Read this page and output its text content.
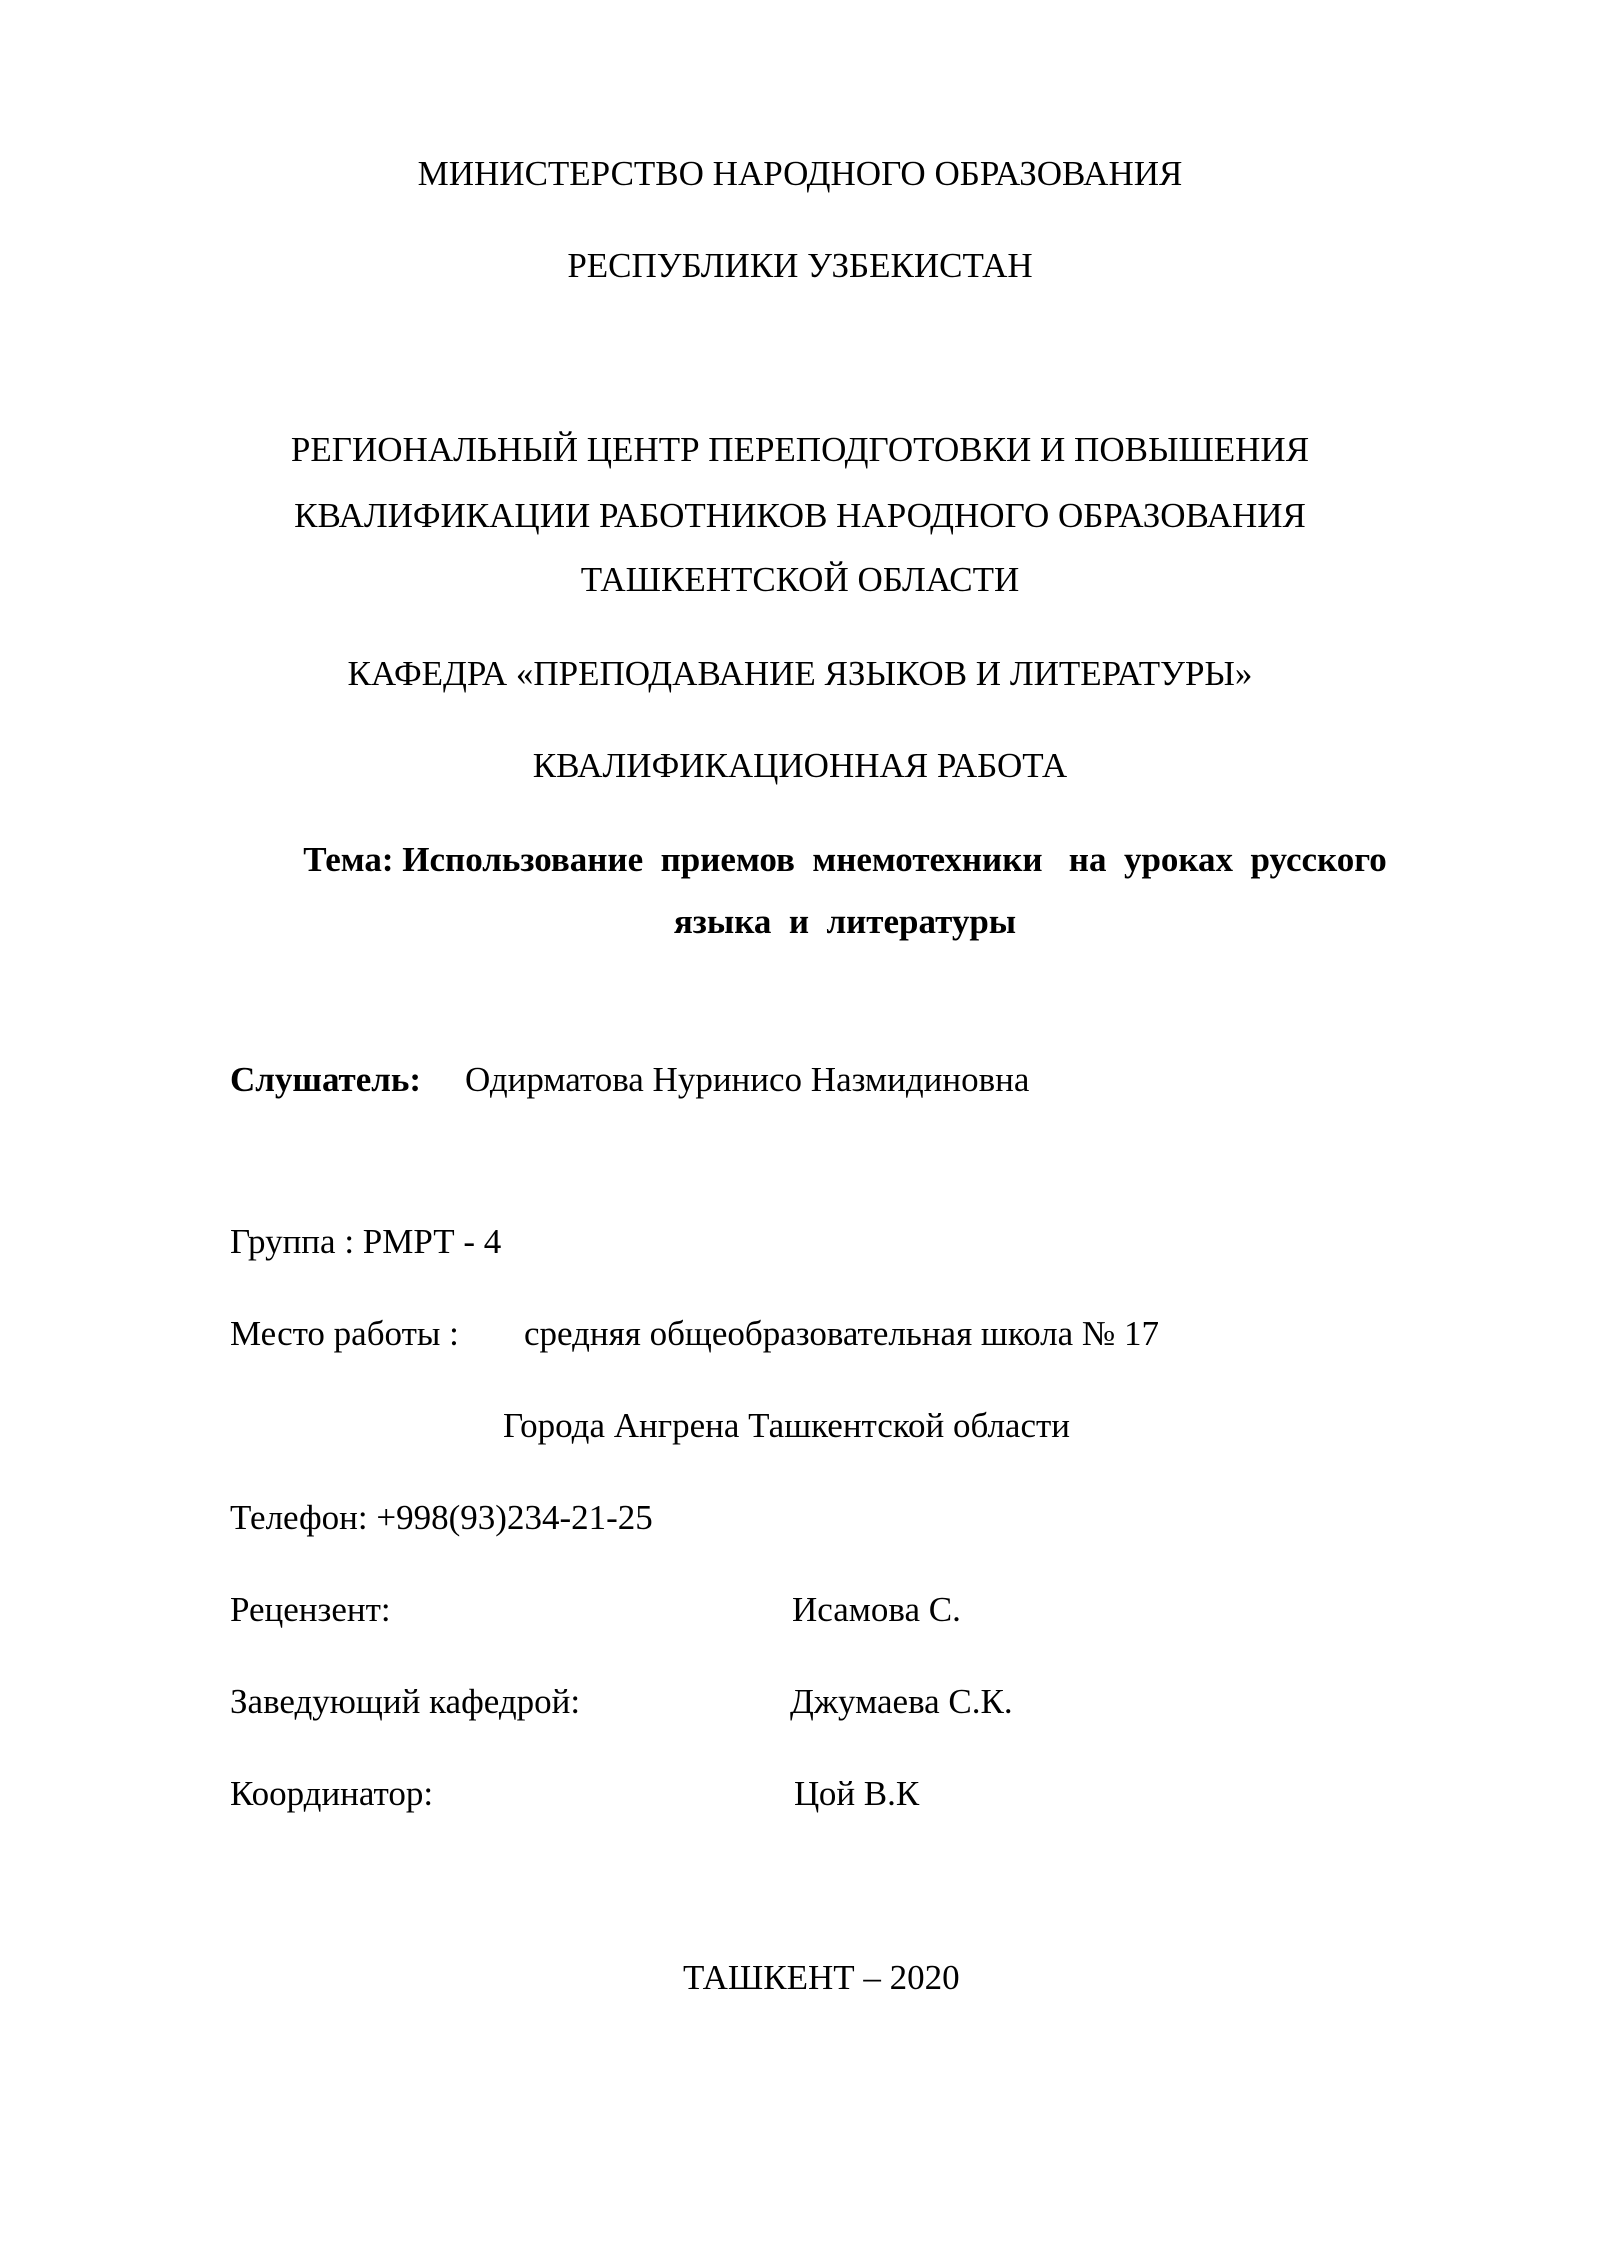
МИНИСТЕРСТВО НАРОДНОГО ОБРАЗОВАНИЯ
РЕСПУБЛИКИ УЗБЕКИСТАН
РЕГИОНАЛЬНЫЙ ЦЕНТР ПЕРЕПОДГОТОВКИ И ПОВЫШЕНИЯ
КВАЛИФИКАЦИИ РАБОТНИКОВ НАРОДНОГО ОБРАЗОВАНИЯ
ТАШКЕНТСКОЙ ОБЛАСТИ
КАФЕДРА «ПРЕПОДАВАНИЕ ЯЗЫКОВ И ЛИТЕРАТУРЫ»
КВАЛИФИКАЦИОННАЯ РАБОТА
Тема: Использование  приемов  мнемотехники   на  уроках  русского
языка  и  литературы
Слушатель: Одирматова Нуринисо Назмидиновна
Группа : РМРТ - 4
Место работы : средняя общеобразовательная школа № 17
Города Ангрена Ташкентской области
Телефон: +998(93)234-21-25
Рецензент:	Исамова С.
Заведующий кафедрой:	Джумаева С.К.
Координатор:	Цой В.К
ТАШКЕНТ – 2020
